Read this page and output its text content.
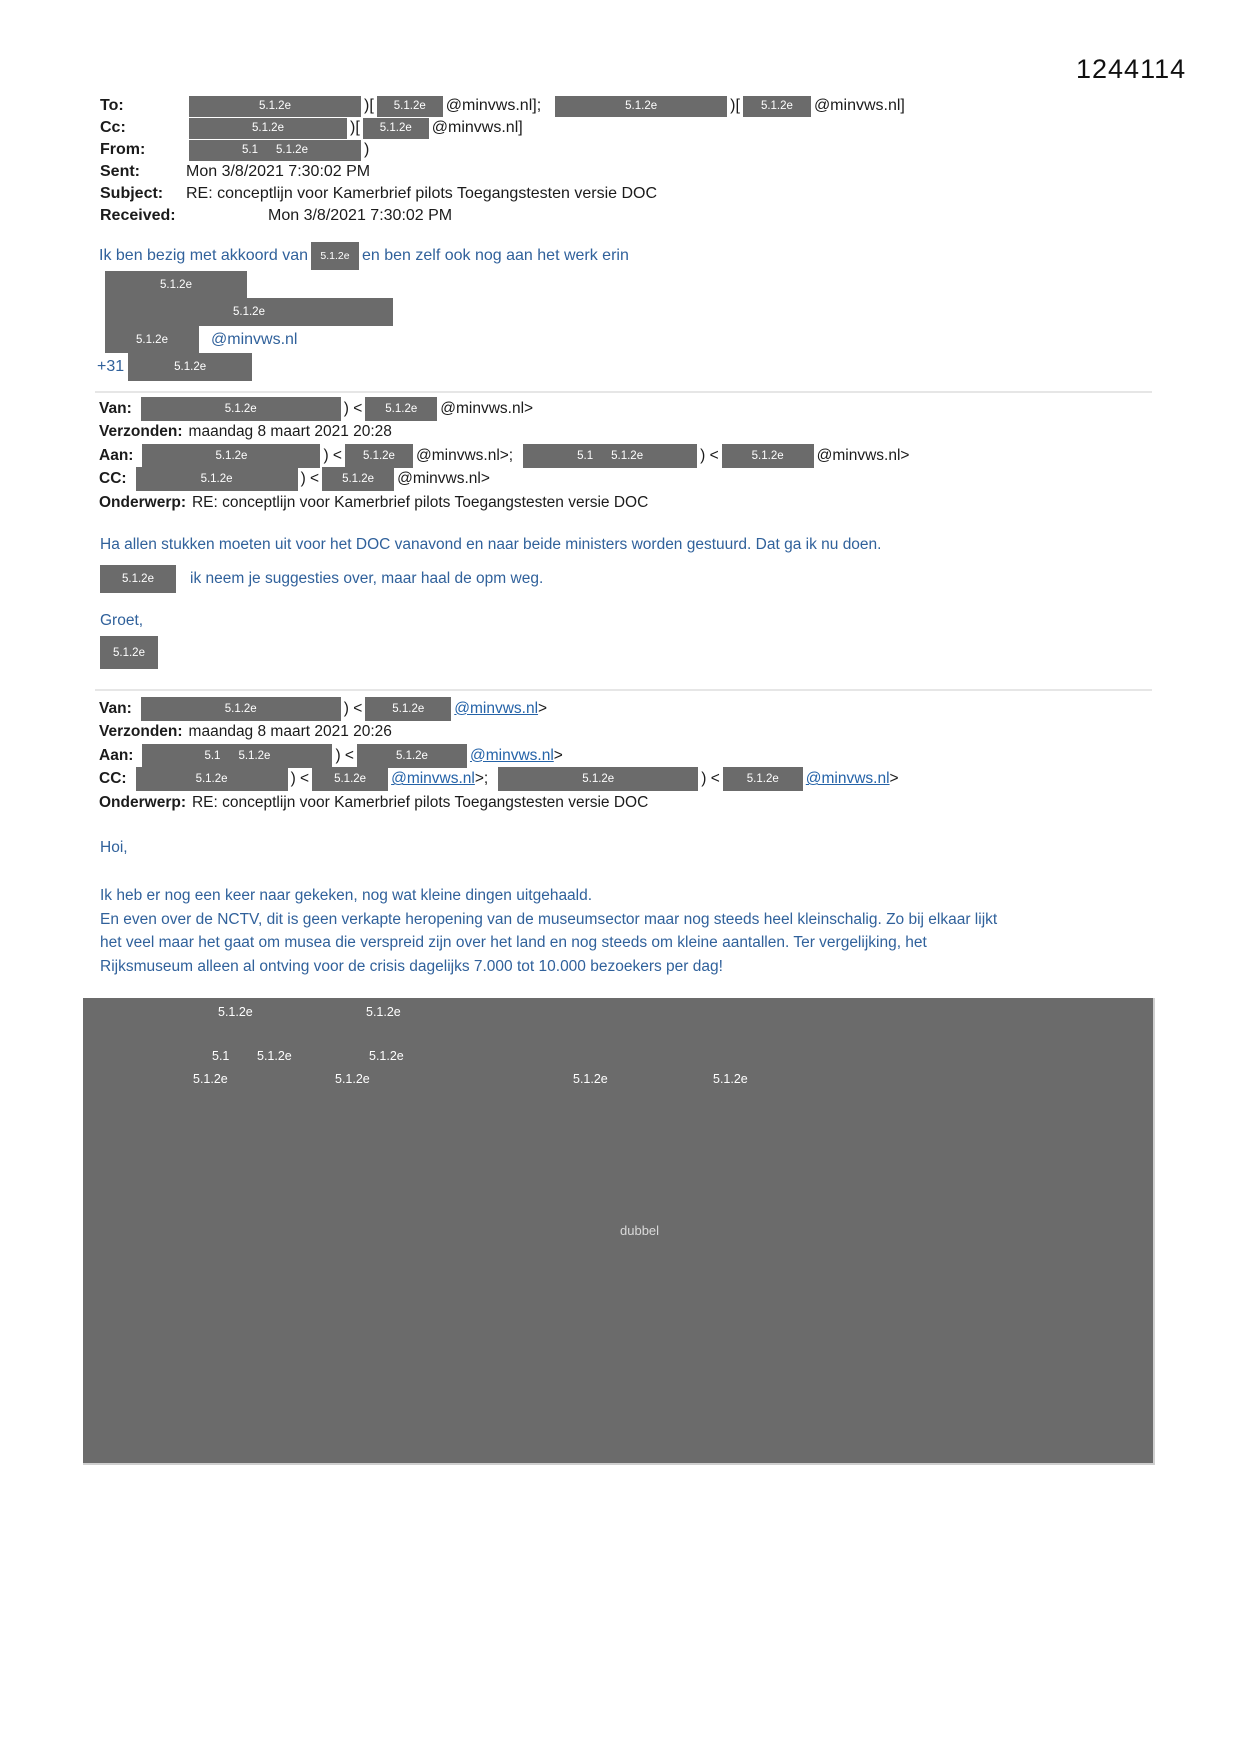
1244114
To:	5.1.2e	)[ 5.1.2e @minvws.nl];	5.1.2e	)[ 5.1.2e @minvws.nl]
Cc:	5.1.2e	)[ 5.1.2e @minvws.nl]
From:	5.1 5.1.2e	)
Sent:	Mon 3/8/2021 7:30:02 PM
Subject:	RE: conceptlijn voor Kamerbrief pilots Toegangstesten versie DOC
Received:	Mon 3/8/2021 7:30:02 PM
Ik ben bezig met akkoord van 5.1.2e en ben zelf ook nog aan het werk erin
5.1.2e
5.1.2e
5.1.2e	@minvws.nl
+31	5.1.2e
Van:	5.1.2e	) < 5.1.2e @minvws.nl>
Verzonden: maandag 8 maart 2021 20:28
Aan:	5.1.2e	) < 5.1.2e @minvws.nl>;	5.1 5.1.2e	) <	5.1.2e @minvws.nl>
CC:	5.1.2e	) < 5.1.2e @minvws.nl>
Onderwerp: RE: conceptlijn voor Kamerbrief pilots Toegangstesten versie DOC
Ha allen stukken moeten uit voor het DOC vanavond en naar beide ministers worden gestuurd. Dat ga ik nu doen.
5.1.2e ik neem je suggesties over, maar haal de opm weg.
Groet,
5.1.2e
Van:	5.1.2e	) <	5.1.2e @minvws.nl >
Verzonden: maandag 8 maart 2021 20:26
Aan:	5.1 5.1.2e	) <	5.1.2e	@minvws.nl >
CC:	5.1.2e	) < 5.1.2e @minvws.nl >;	5.1.2e	) < 5.1.2e @minvws.nl >
Onderwerp: RE: conceptlijn voor Kamerbrief pilots Toegangstesten versie DOC
Hoi,
Ik heb er nog een keer naar gekeken, nog wat kleine dingen uitgehaald.
En even over de NCTV, dit is geen verkapte heropening van de museumsector maar nog steeds heel kleinschalig. Zo bij elkaar lijkt
het veel maar het gaat om musea die verspreid zijn over het land en nog steeds om kleine aantallen. Ter vergelijking, het
Rijksmuseum alleen al ontving voor de crisis dagelijks 7.000 tot 10.000 bezoekers per dag!
5.1.2e	5.1.2e
5.1 5.1.2e	5.1.2e
5.1.2e	5.1.2e	5.1.2e	5.1.2e
dubbel
